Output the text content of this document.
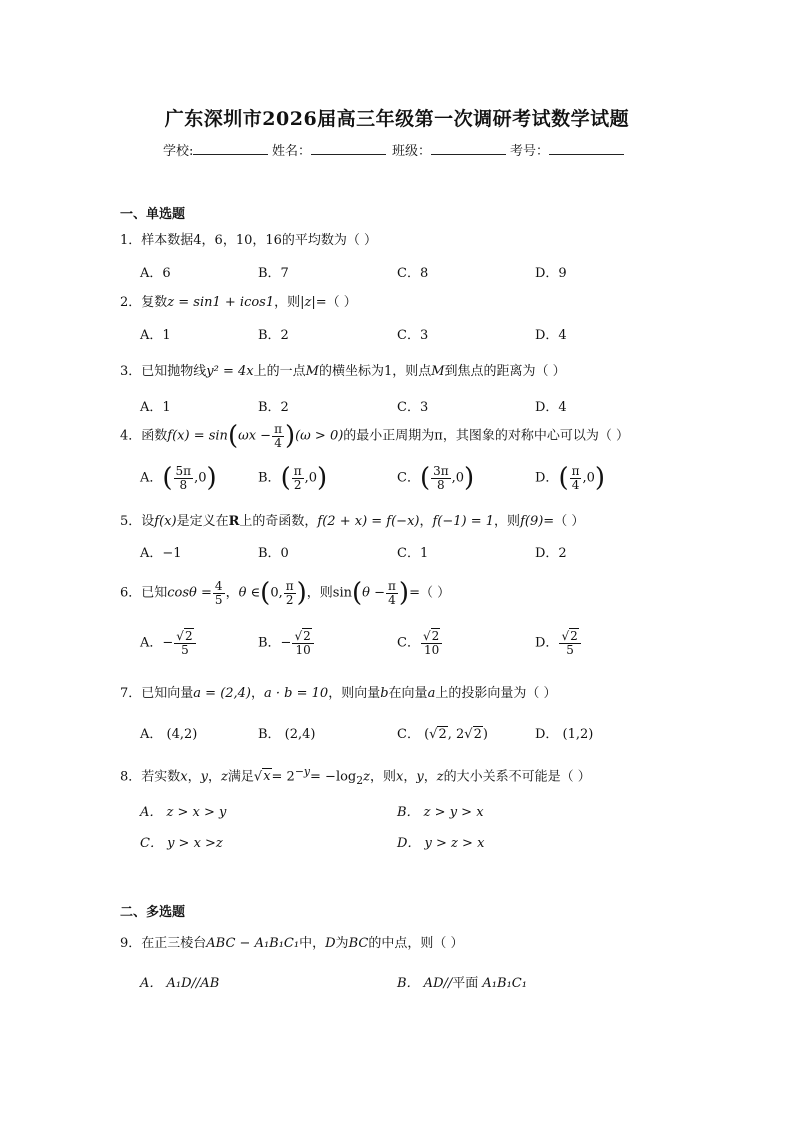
广东深圳市2026届高三年级第一次调研考试数学试题
学校:	姓名：	班级：	考号：
一、单选题
1．样本数据4，6，10，16的平均数为（ ）
A．6	B．7	C．8	D．9
2．复数z = sin1 + icos1，则|z|=（ ）
A．1	B．2	C．3	D．4
3．已知抛物线y² = 4x上的一点M的横坐标为1，则点M到焦点的距离为（ ）
A．1	B．2	C．3	D．4
4．函数$f(x) = \sin(\omega x - \frac{\pi}{4} )(\omega > 0)$的最小正周期为π，其图象的对称中心可以为（ ）
A．( $\frac{5\pi}{8} ,0$)	B．( $\frac{\pi}{2} ,0$)	C．( $\frac{3\pi}{8} ,0$)	D．( $\frac{\pi}{4} ,0$)
5．设f(x)是定义在R上的奇函数，f(2 + x) = f(−x)，f(−1) = 1，则f(9)=（ ）
A．−1	B．0	C．1	D．2
6．已知$\cos\theta = \frac{4}{5}$ ，θ ∈(0, $\frac{\pi}{2}$ )，则$\sin(\theta - \frac{\pi}{4}$ )=（ ）
A．− $\frac{√2}{5}$	B．− $\frac{√2}{10}$	C． $\frac{√2}{10}$	D． $\frac{√2}{5}$
7．已知向量a = (2,4)，a · b = 10，则向量b在向量a上的投影向量为（ ）
A． (4,2)	B． (2,4)	C． (√2, 2√2)	D． (1,2)
8．若实数x，y，z满足$√x= 2^{-y}= -\log_2z$，则x，y，z的大小关系不可能是（ ）
A． z > x > y	B． z > y > x
C． y > x >z	D． y > z > x
二、多选题
9．在正三棱台ABC − A₁B₁C₁中，D为BC的中点，则（ ）
A． A₁D//AB	B． AD//平面 A₁B₁C₁
